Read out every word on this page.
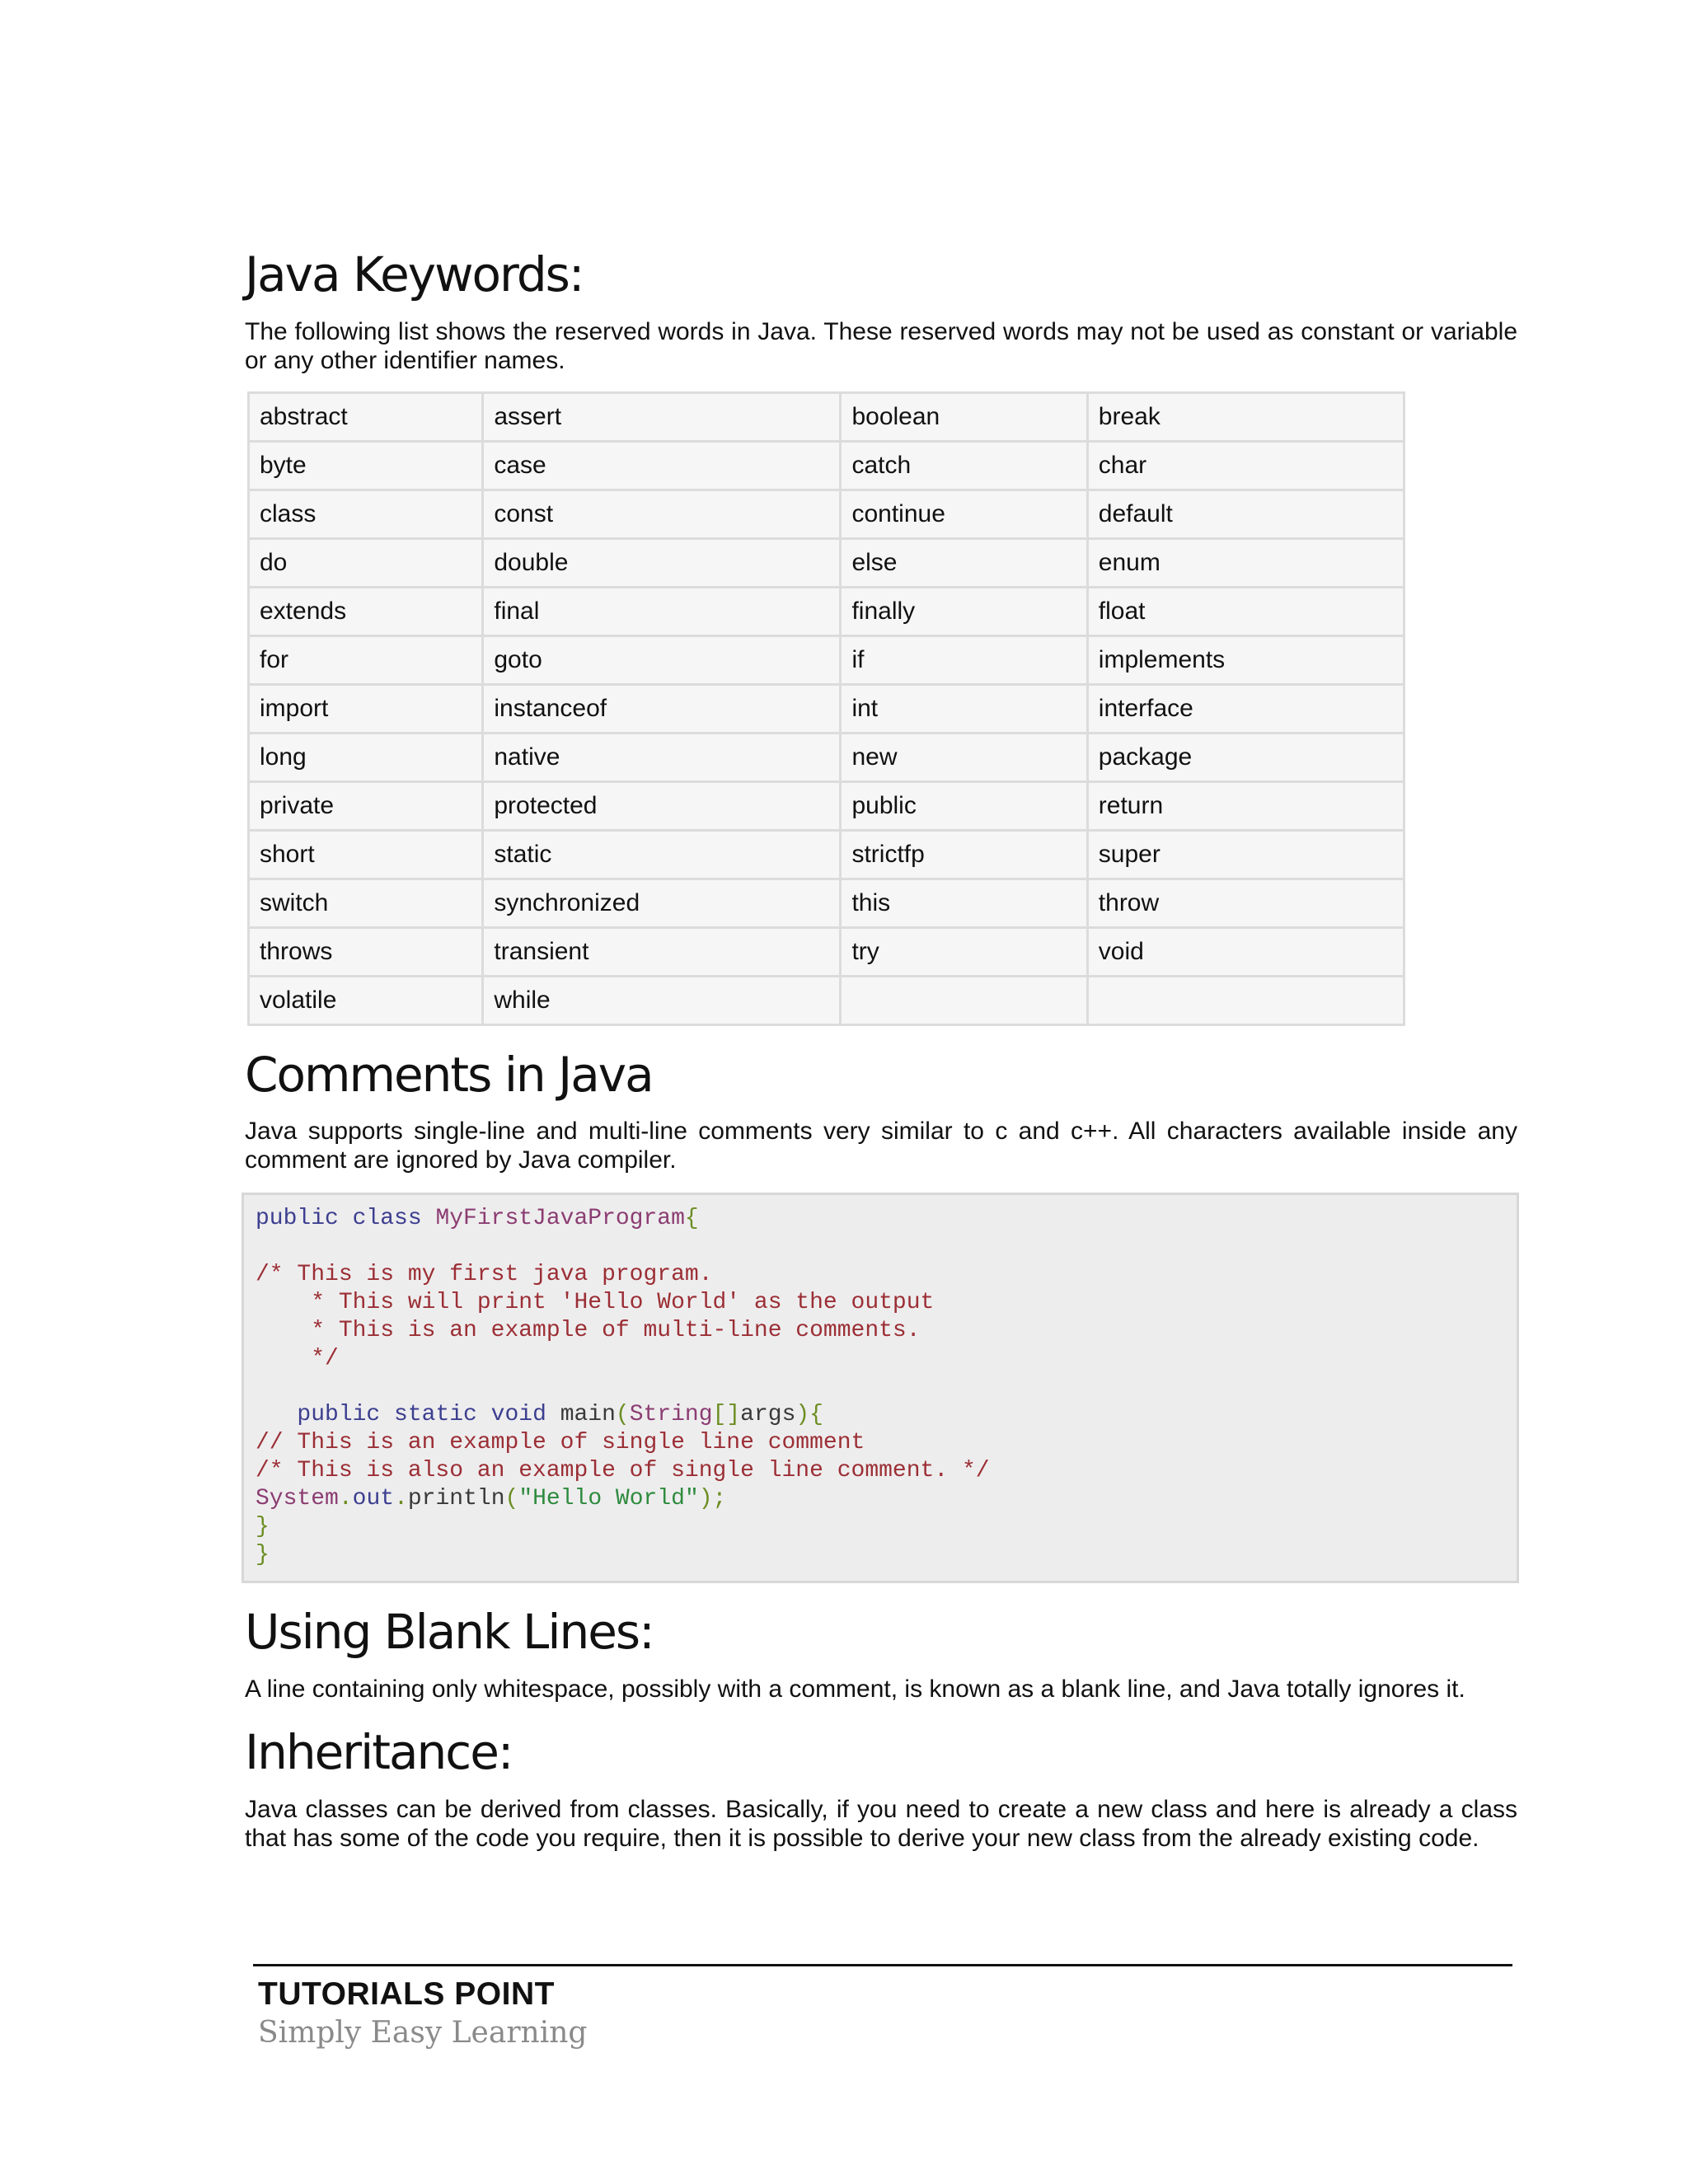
Java Keywords:

The following list shows the reserved words in Java. These reserved words may not be used as constant or variable or any other identifier names.

abstract	assert	boolean	break
byte	case	catch	char
class	const	continue	default
do	double	else	enum
extends	final	finally	float
for	goto	if	implements
import	instanceof	int	interface
long	native	new	package
private	protected	public	return
short	static	strictfp	super
switch	synchronized	this	throw
throws	transient	try	void
volatile	while		
Comments in Java

Java supports single-line and multi-line comments very similar to c and c++. All characters available inside any comment are ignored by Java compiler.

public class MyFirstJavaProgram{
/* This is my first java program.
* This will print 'Hello World' as the output
* This is an example of multi-line comments.
*/
public static void main(String[]args){
// This is an example of single line comment
/* This is also an example of single line comment. */
System.out.println("Hello World");
}
}
Using Blank Lines:

A line containing only whitespace, possibly with a comment, is known as a blank line, and Java totally ignores it.

Inheritance:

Java classes can be derived from classes. Basically, if you need to create a new class and here is already a class that has some of the code you require, then it is possible to derive your new class from the already existing code.

TUTORIALS POINT
Simply Easy Learning
